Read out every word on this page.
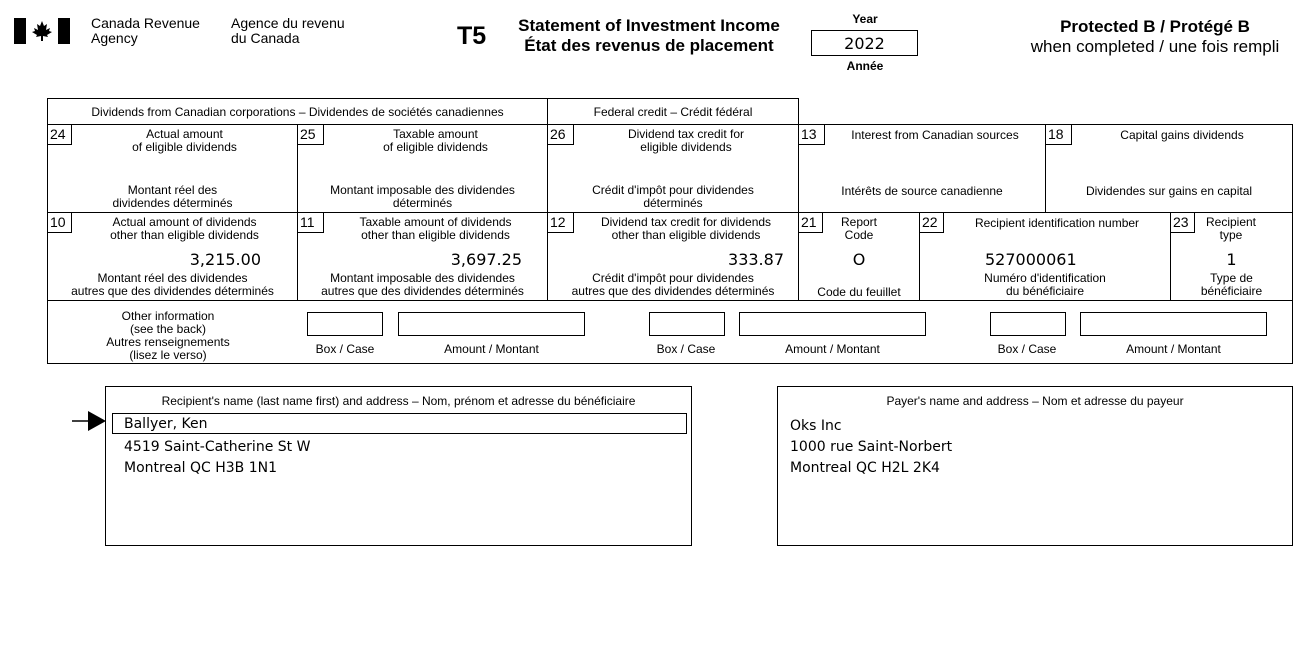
Canada Revenue
Agency
Agence du revenu
du Canada	T5	Statement of Investment Income
État des revenus de placement
Year
2022
Année
Protected B / Protégé B
when completed / une fois rempli
Dividends from Canadian corporations – Dividendes de sociétés canadiennes	Federal credit – Crédit fédéral
24	Actual amount
of eligible dividends
Montant réel des
dividendes déterminés
25	Taxable amount
of eligible dividends
Montant imposable des dividendes
déterminés
26	Dividend tax credit for
eligible dividends
Crédit d'impôt pour dividendes
déterminés
13	Interest from Canadian sources
Intérêts de source canadienne
18	Capital gains dividends
Dividendes sur gains en capital
10	Actual amount of dividends
other than eligible dividends
3,215.00
Montant réel des dividendes
autres que des dividendes déterminés
11	Taxable amount of dividends
other than eligible dividends
3,697.25
Montant imposable des dividendes
autres que des dividendes déterminés
12	Dividend tax credit for dividends
other than eligible dividends
333.87
Crédit d'impôt pour dividendes
autres que des dividendes déterminés
21	Report
Code
O
Code du feuillet
22	Recipient identification number
527000061
Numéro d'identification
du bénéficiaire
23	Recipient
type
1
Type de
bénéficiaire
Other information
(see the back)
Autres renseignements
(lisez le verso)	Box / Case	Amount / Montant	Box / Case	Amount / Montant	Box / Case	Amount / Montant
Recipient's name (last name first) and address – Nom, prénom et adresse du bénéficiaire
Ballyer, Ken
4519 Saint-Catherine St W
Montreal QC H3B 1N1
Payer's name and address – Nom et adresse du payeur
Oks Inc
1000 rue Saint-Norbert
Montreal QC H2L 2K4
